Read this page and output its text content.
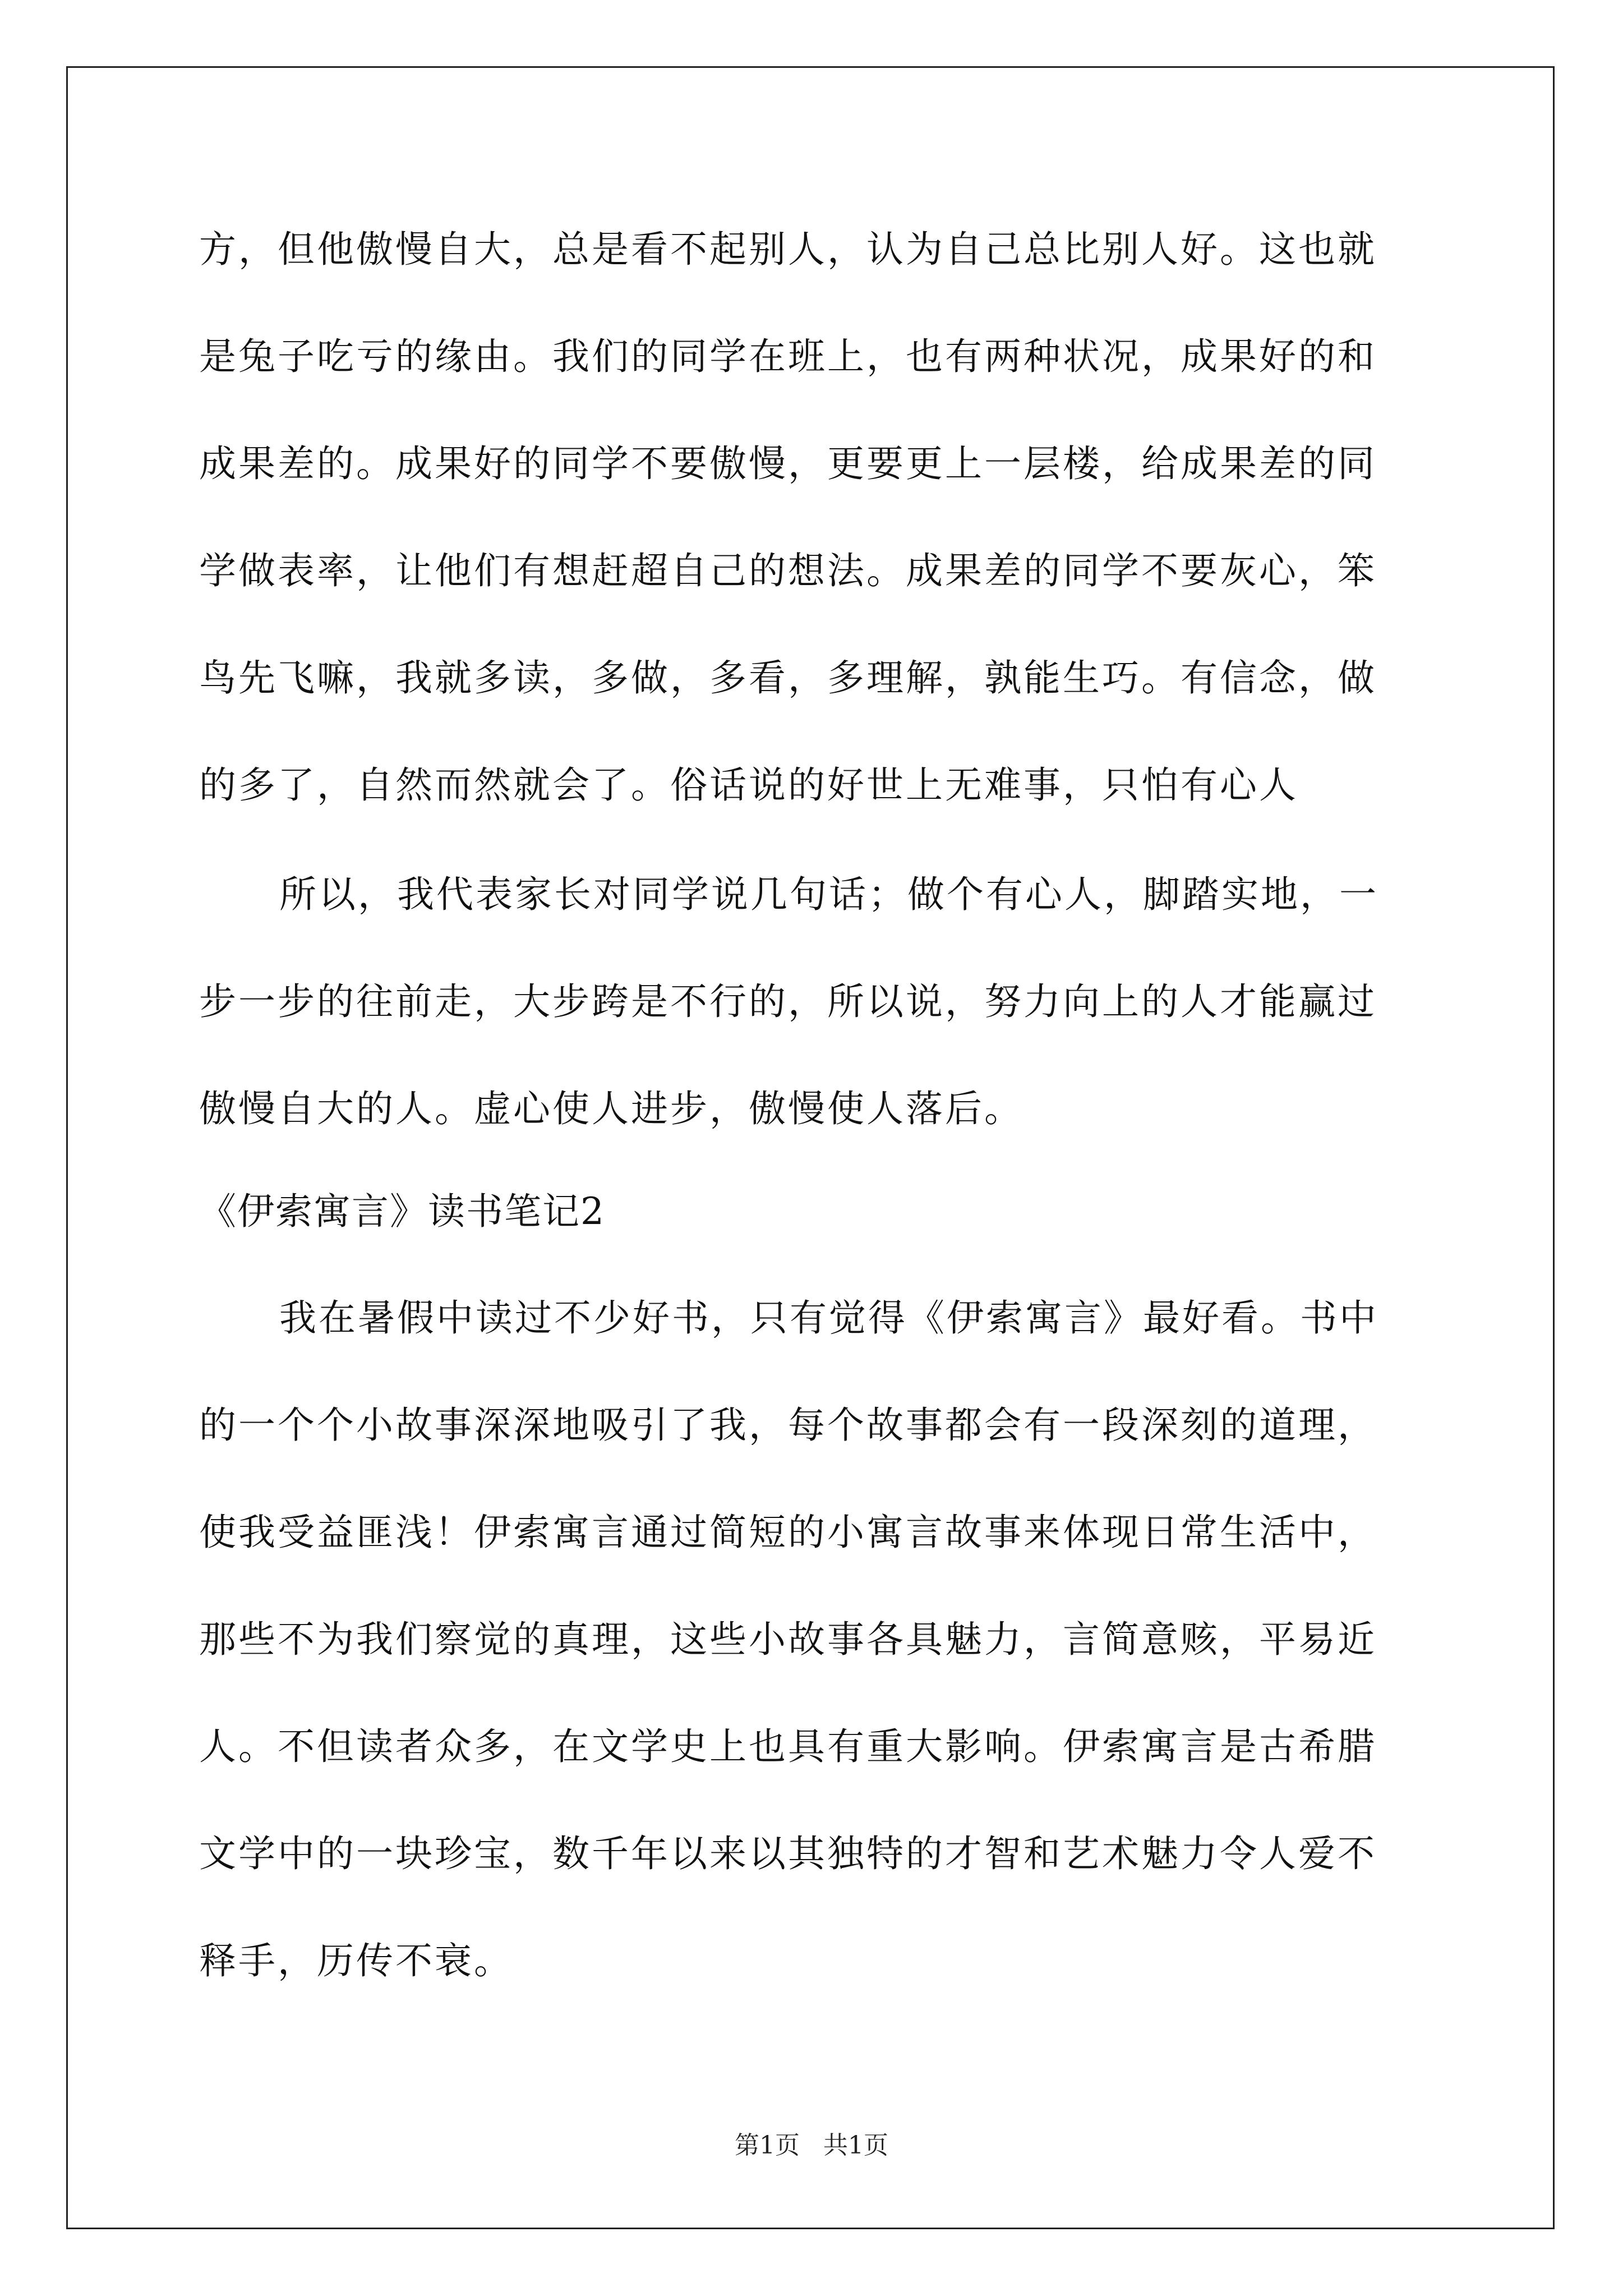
方，但他傲慢自大，总是看不起别人，认为自己总比别人好。这也就
是兔子吃亏的缘由。我们的同学在班上，也有两种状况，成果好的和
成果差的。成果好的同学不要傲慢，更要更上一层楼，给成果差的同
学做表率，让他们有想赶超自己的想法。成果差的同学不要灰心，笨
鸟先飞嘛，我就多读，多做，多看，多理解，孰能生巧。有信念，做
的多了，自然而然就会了。俗话说的好世上无难事，只怕有心人
所以，我代表家长对同学说几句话；做个有心人，脚踏实地，一
步一步的往前走，大步跨是不行的，所以说，努力向上的人才能赢过
傲慢自大的人。虚心使人进步，傲慢使人落后。
《伊索寓言》读书笔记2
我在暑假中读过不少好书，只有觉得《伊索寓言》最好看。书中
的一个个小故事深深地吸引了我，每个故事都会有一段深刻的道理，
使我受益匪浅！伊索寓言通过简短的小寓言故事来体现日常生活中，
那些不为我们察觉的真理，这些小故事各具魅力，言简意赅，平易近
人。不但读者众多，在文学史上也具有重大影响。伊索寓言是古希腊
文学中的一块珍宝，数千年以来以其独特的才智和艺术魅力令人爱不
释手，历传不衰。
第1页 共1页
